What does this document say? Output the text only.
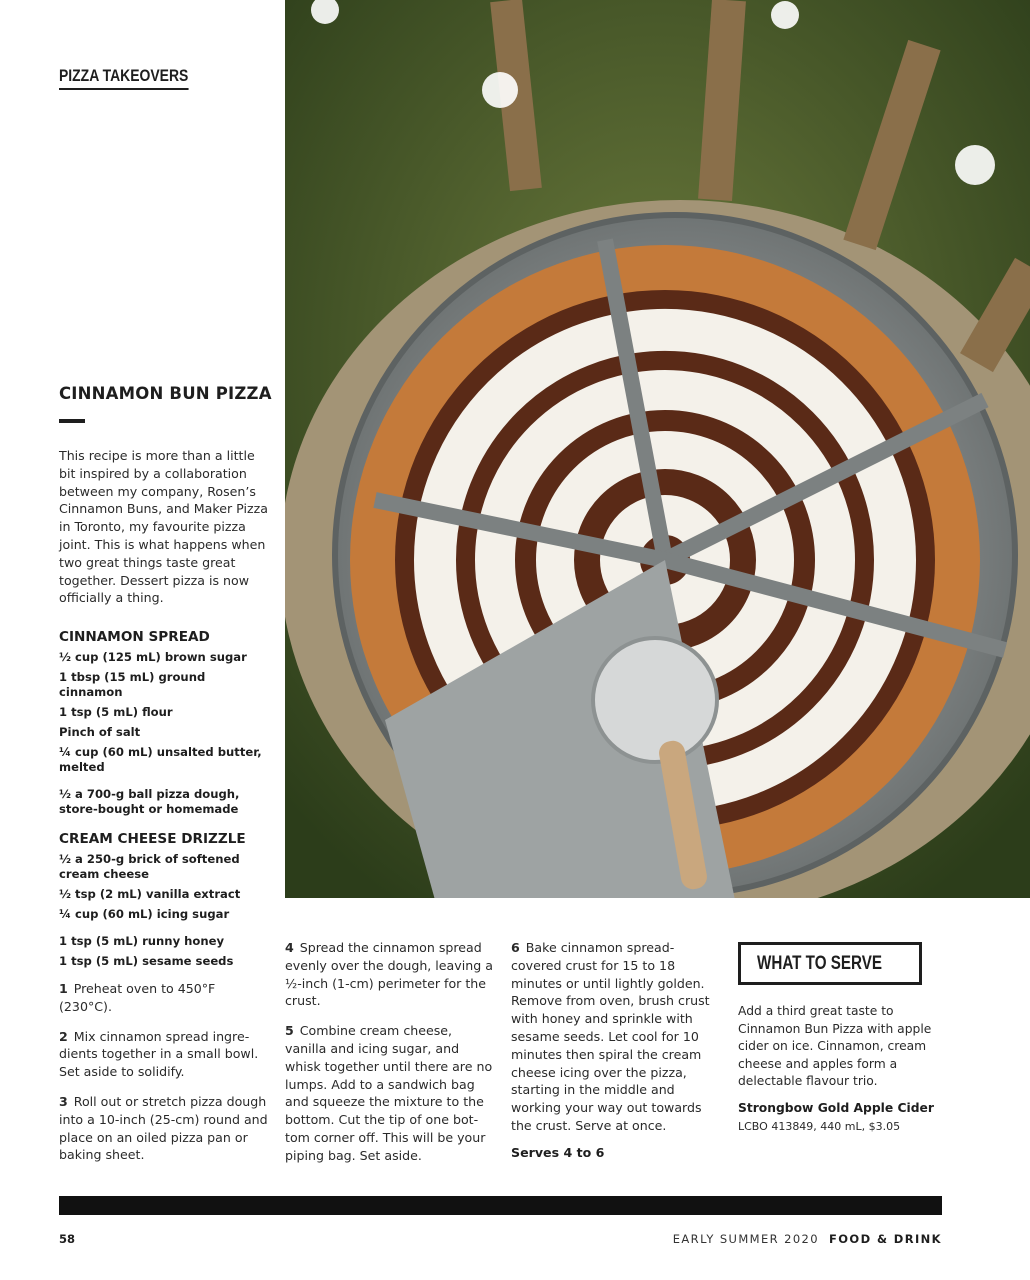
PIZZA TAKEOVERS
CINNAMON BUN PIZZA

This recipe is more than a little bit inspired by a collaboration between my company, Rosen’s Cinnamon Buns, and Maker Pizza in Toronto, my favourite pizza joint. This is what happens when two great things taste great together. Dessert pizza is now officially a thing.

CINNAMON SPREAD
½ cup (125 mL) brown sugar
1 tbsp (15 mL) ground cinnamon
1 tsp (5 mL) flour
Pinch of salt
¼ cup (60 mL) unsalted butter, melted
½ a 700-g ball pizza dough, store-bought or homemade
CREAM CHEESE DRIZZLE
½ a 250-g brick of softened cream cheese
½ tsp (2 mL) vanilla extract
¼ cup (60 mL) icing sugar
1 tsp (5 mL) runny honey
1 tsp (5 mL) sesame seeds

1 Preheat oven to 450°F (230°C).

2 Mix cinnamon spread ingre-dients together in a small bowl. Set aside to solidify.

3 Roll out or stretch pizza dough into a 10-inch (25-cm) round and place on an oiled pizza pan or baking sheet.

4 Spread the cinnamon spread evenly over the dough, leaving a ½-inch (1-cm) perimeter for the crust.

5 Combine cream cheese, vanilla and icing sugar, and whisk together until there are no lumps. Add to a sandwich bag and squeeze the mixture to the bottom. Cut the tip of one bot-tom corner off. This will be your piping bag. Set aside.

6 Bake cinnamon spread-covered crust for 15 to 18 minutes or until lightly golden. Remove from oven, brush crust with honey and sprinkle with sesame seeds. Let cool for 10 minutes then spiral the cream cheese icing over the pizza, starting in the middle and working your way out towards the crust. Serve at once.

Serves 4 to 6

WHAT TO SERVE

Add a third great taste to Cinnamon Bun Pizza with apple cider on ice. Cinnamon, cream cheese and apples form a delectable flavour trio.

Strongbow Gold Apple Cider
LCBO 413849, 440 mL, $3.05
58	EARLY SUMMER 2020 FOOD & DRINK
